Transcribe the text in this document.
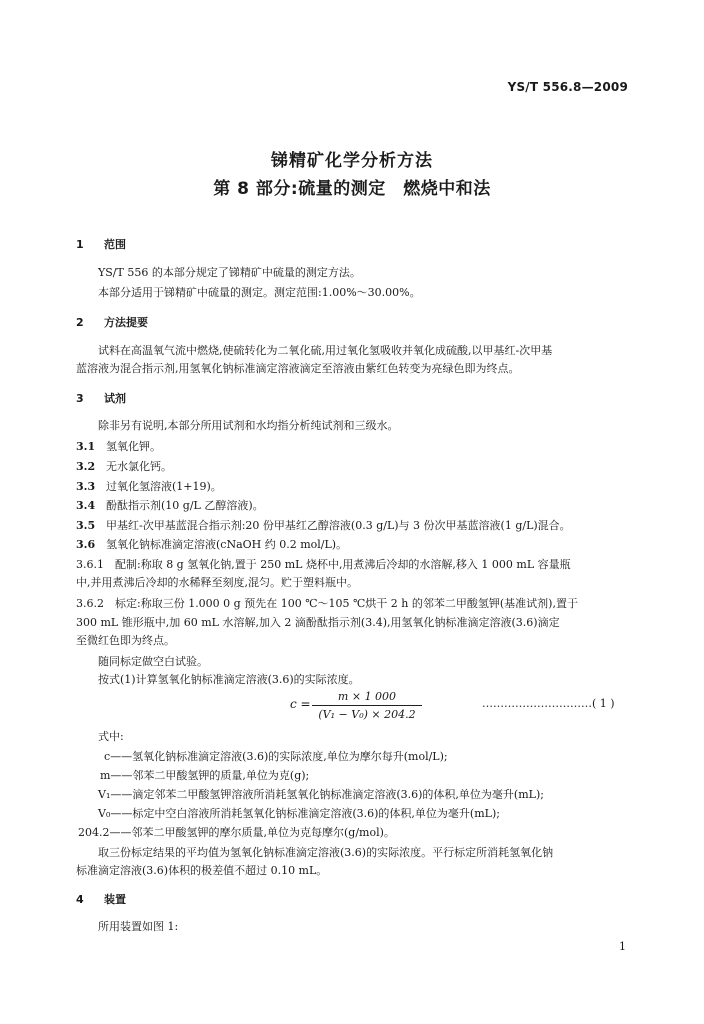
YS/T 556.8—2009
锑精矿化学分析方法
第 8 部分:硫量的测定　燃烧中和法
1 范围
YS/T 556 的本部分规定了锑精矿中硫量的测定方法。
本部分适用于锑精矿中硫量的测定。测定范围:1.00%～30.00%。
2 方法提要
试料在高温氧气流中燃烧,使硫转化为二氧化硫,用过氧化氢吸收并氧化成硫酸,以甲基红-次甲基
蓝溶液为混合指示剂,用氢氧化钠标准滴定溶液滴定至溶液由紫红色转变为亮绿色即为终点。
3 试剂
除非另有说明,本部分所用试剂和水均指分析纯试剂和三级水。
3.1 氢氧化钾。
3.2 无水氯化钙。
3.3 过氧化氢溶液(1+19)。
3.4 酚酞指示剂(10 g/L 乙醇溶液)。
3.5 甲基红-次甲基蓝混合指示剂:20 份甲基红乙醇溶液(0.3 g/L)与 3 份次甲基蓝溶液(1 g/L)混合。
3.6 氢氧化钠标准滴定溶液(cNaOH 约 0.2 mol/L)。
3.6.1　配制:称取 8 g 氢氧化钠,置于 250 mL 烧杯中,用煮沸后冷却的水溶解,移入 1 000 mL 容量瓶
中,并用煮沸后冷却的水稀释至刻度,混匀。贮于塑料瓶中。
3.6.2　标定:称取三份 1.000 0 g 预先在 100 ℃～105 ℃烘干 2 h 的邻苯二甲酸氢钾(基准试剂),置于
300 mL 锥形瓶中,加 60 mL 水溶解,加入 2 滴酚酞指示剂(3.4),用氢氧化钠标准滴定溶液(3.6)滴定
至微红色即为终点。
随同标定做空白试验。
按式(1)计算氢氧化钠标准滴定溶液(3.6)的实际浓度。
$c = \frac{m \times 1 000}{\text{(V₁ − V₀) × 204.2}}$	…………………………( 1 )
式中:
c——氢氧化钠标准滴定溶液(3.6)的实际浓度,单位为摩尔每升(mol/L);
m——邻苯二甲酸氢钾的质量,单位为克(g);
V₁——滴定邻苯二甲酸氢钾溶液所消耗氢氧化钠标准滴定溶液(3.6)的体积,单位为毫升(mL);
V₀——标定中空白溶液所消耗氢氧化钠标准滴定溶液(3.6)的体积,单位为毫升(mL);
204.2——邻苯二甲酸氢钾的摩尔质量,单位为克每摩尔(g/mol)。
取三份标定结果的平均值为氢氧化钠标准滴定溶液(3.6)的实际浓度。平行标定所消耗氢氧化钠
标准滴定溶液(3.6)体积的极差值不超过 0.10 mL。
4 装置
所用装置如图 1:
1
